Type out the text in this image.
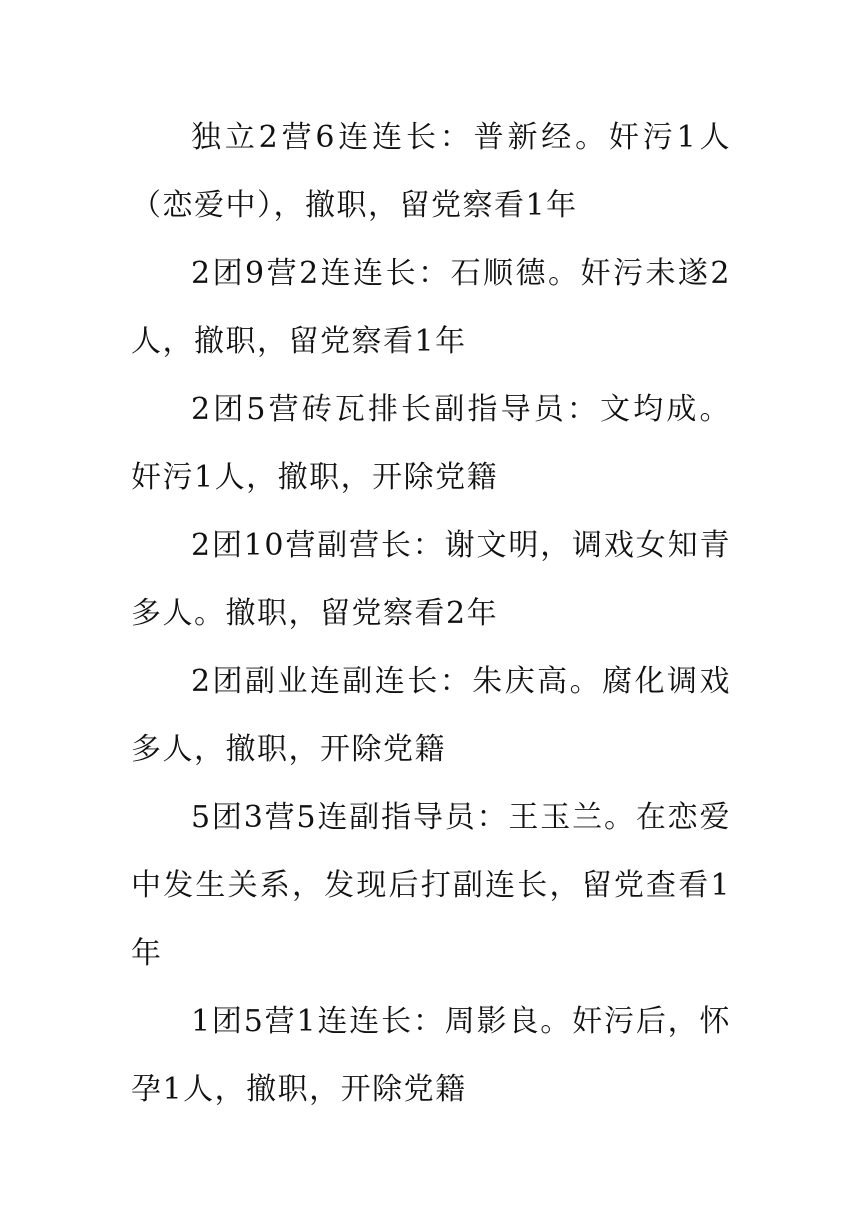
独立2营6连连长：普新经。奸污1人（恋爱中），撤职，留党察看1年

2团9营2连连长：石顺德。奸污未遂2人，撤职，留党察看1年

2团5营砖瓦排长副指导员：文均成。奸污1人，撤职，开除党籍

2团10营副营长：谢文明，调戏女知青多人。撤职，留党察看2年

2团副业连副连长：朱庆高。腐化调戏多人，撤职，开除党籍

5团3营5连副指导员：王玉兰。在恋爱中发生关系，发现后打副连长，留党查看1年

1团5营1连连长：周影良。奸污后，怀孕1人，撤职，开除党籍
